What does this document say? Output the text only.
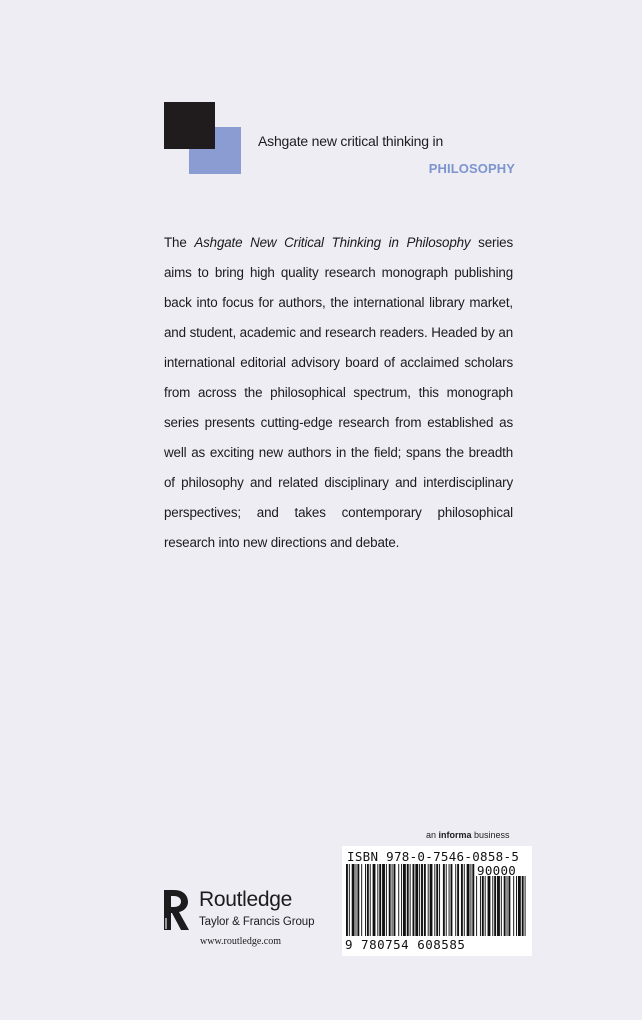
Ashgate new critical thinking in
PHILOSOPHY

The Ashgate New Critical Thinking in Philosophy series aims to bring high quality research monograph publishing back into focus for authors, the international library market, and student, academic and research readers. Headed by an international editorial advisory board of acclaimed scholars from across the philosophical spectrum, this monograph series presents cutting-edge research from established as well as exciting new authors in the field; spans the breadth of philosophy and related disciplinary and interdisciplinary perspectives; and takes contemporary philosophical research into new directions and debate.

an informa business
ISBN 978-0-7546-0858-5
90000
9 780754 608585
Routledge
Taylor & Francis Group
www.routledge.com
